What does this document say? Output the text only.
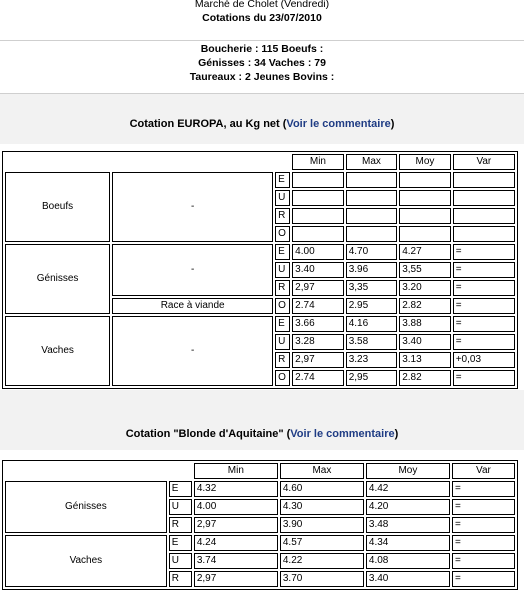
Marché de Cholet (Vendredi)
Cotations du 23/07/2010
Boucherie : 115 Boeufs :
Génisses : 34 Vaches : 79
Taureaux : 2 Jeunes Bovins :
Cotation EUROPA, au Kg net (Voir le commentaire)
			Min	Max	Moy	Var
Boeufs	-	E				
		U				
		R				
		O				
Génisses	-	E	4.00	4.70	4.27	=
		U	3.40	3.96	3,55	=
		R	2,97	3,35	3.20	=
	Race à viande	O	2.74	2.95	2.82	=
Vaches	-	E	3.66	4.16	3.88	=
		U	3.28	3.58	3.40	=
		R	2,97	3.23	3.13	+0,03
		O	2.74	2,95	2.82	=
Cotation "Blonde d'Aquitaine" (Voir le commentaire)
		Min	Max	Moy	Var
Génisses	E	4.32	4.60	4.42	=
	U	4.00	4.30	4.20	=
	R	2,97	3.90	3.48	=
Vaches	E	4.24	4.57	4.34	=
	U	3.74	4.22	4.08	=
	R	2,97	3.70	3.40	=
